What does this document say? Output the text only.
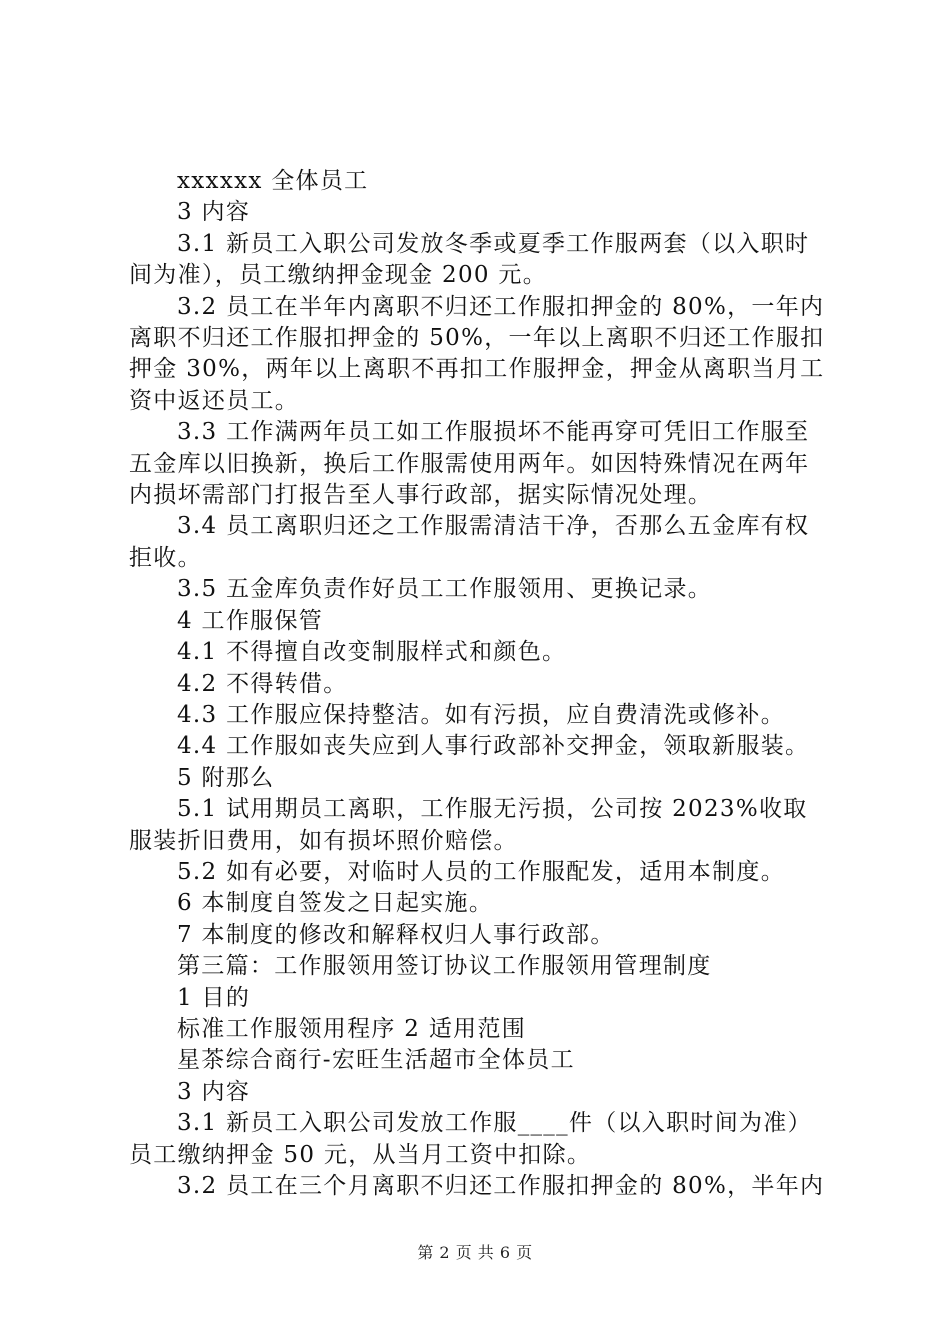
xxxxxx 全体员工

3 内容

3.1 新员工入职公司发放冬季或夏季工作服两套（以入职时间为准），员工缴纳押金现金 200 元。

3.2 员工在半年内离职不归还工作服扣押金的 80%，一年内离职不归还工作服扣押金的 50%，一年以上离职不归还工作服扣押金 30%，两年以上离职不再扣工作服押金，押金从离职当月工资中返还员工。

3.3 工作满两年员工如工作服损坏不能再穿可凭旧工作服至五金库以旧换新，换后工作服需使用两年。如因特殊情况在两年内损坏需部门打报告至人事行政部，据实际情况处理。

3.4 员工离职归还之工作服需清洁干净，否那么五金库有权拒收。

3.5 五金库负责作好员工工作服领用、更换记录。

4 工作服保管

4.1 不得擅自改变制服样式和颜色。

4.2 不得转借。

4.3 工作服应保持整洁。如有污损，应自费清洗或修补。

4.4 工作服如丧失应到人事行政部补交押金，领取新服装。

5 附那么

5.1 试用期员工离职，工作服无污损，公司按 2023%收取服装折旧费用，如有损坏照价赔偿。

5.2 如有必要，对临时人员的工作服配发，适用本制度。

6 本制度自签发之日起实施。

7 本制度的修改和解释权归人事行政部。

第三篇：工作服领用签订协议工作服领用管理制度

1 目的

标准工作服领用程序 2 适用范围

星茶综合商行-宏旺生活超市全体员工

3 内容

3.1 新员工入职公司发放工作服____件（以入职时间为准）员工缴纳押金 50 元，从当月工资中扣除。

3.2 员工在三个月离职不归还工作服扣押金的 80%，半年内

第 2 页 共 6 页
